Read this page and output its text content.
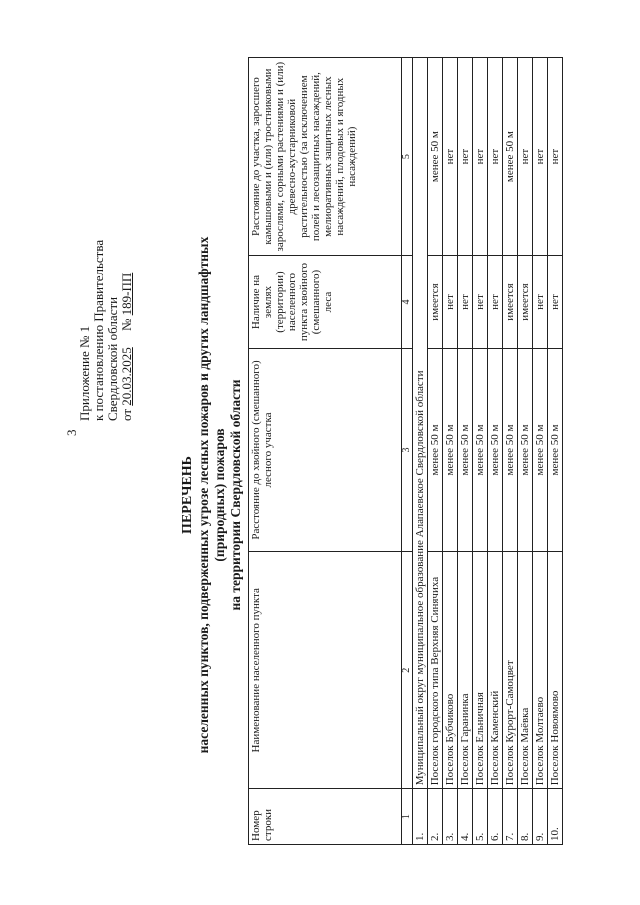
3
Приложение № 1 к постановлению Правительства Свердловской области от 20.03.2025     № 189-ПП
ПЕРЕЧЕНЬ населенных пунктов, подверженных угрозе лесных пожаров и других ландшафтных (природных) пожаров на территории Свердловской области
Номер строки	Наименование населенного пункта	Расстояние до хвойного (смешанного) лесного участка	Наличие на землях (территории) населенного пункта хвойного (смешанного) леса	Расстояние до участка, заросшего камышовыми и (или) тростниковыми зарослями, сорными растениями и (или) древесно-кустарниковой растительностью (за исключением полей и лесозащитных насаждений, мелиоративных защитных лесных насаждений, плодовых и ягодных насаждений)
1	2	3	4	5
1.	Муниципальный округ муниципальное образование Алапаевское Свердловской области			
2.	Поселок городского типа Верхняя Синячиха	менее 50 м	имеется	менее 50 м
3.	Поселок Бубчиково	менее 50 м	нет	нет
4.	Поселок Гаранинка	менее 50 м	нет	нет
5.	Поселок Ельничная	менее 50 м	нет	нет
6.	Поселок Каменский	менее 50 м	нет	нет
7.	Поселок Курорт-Самоцвет	менее 50 м	имеется	менее 50 м
8.	Поселок Маёвка	менее 50 м	имеется	нет
9.	Поселок Молтаево	менее 50 м	нет	нет
10.	Поселок Новоямово	менее 50 м	нет	нет
